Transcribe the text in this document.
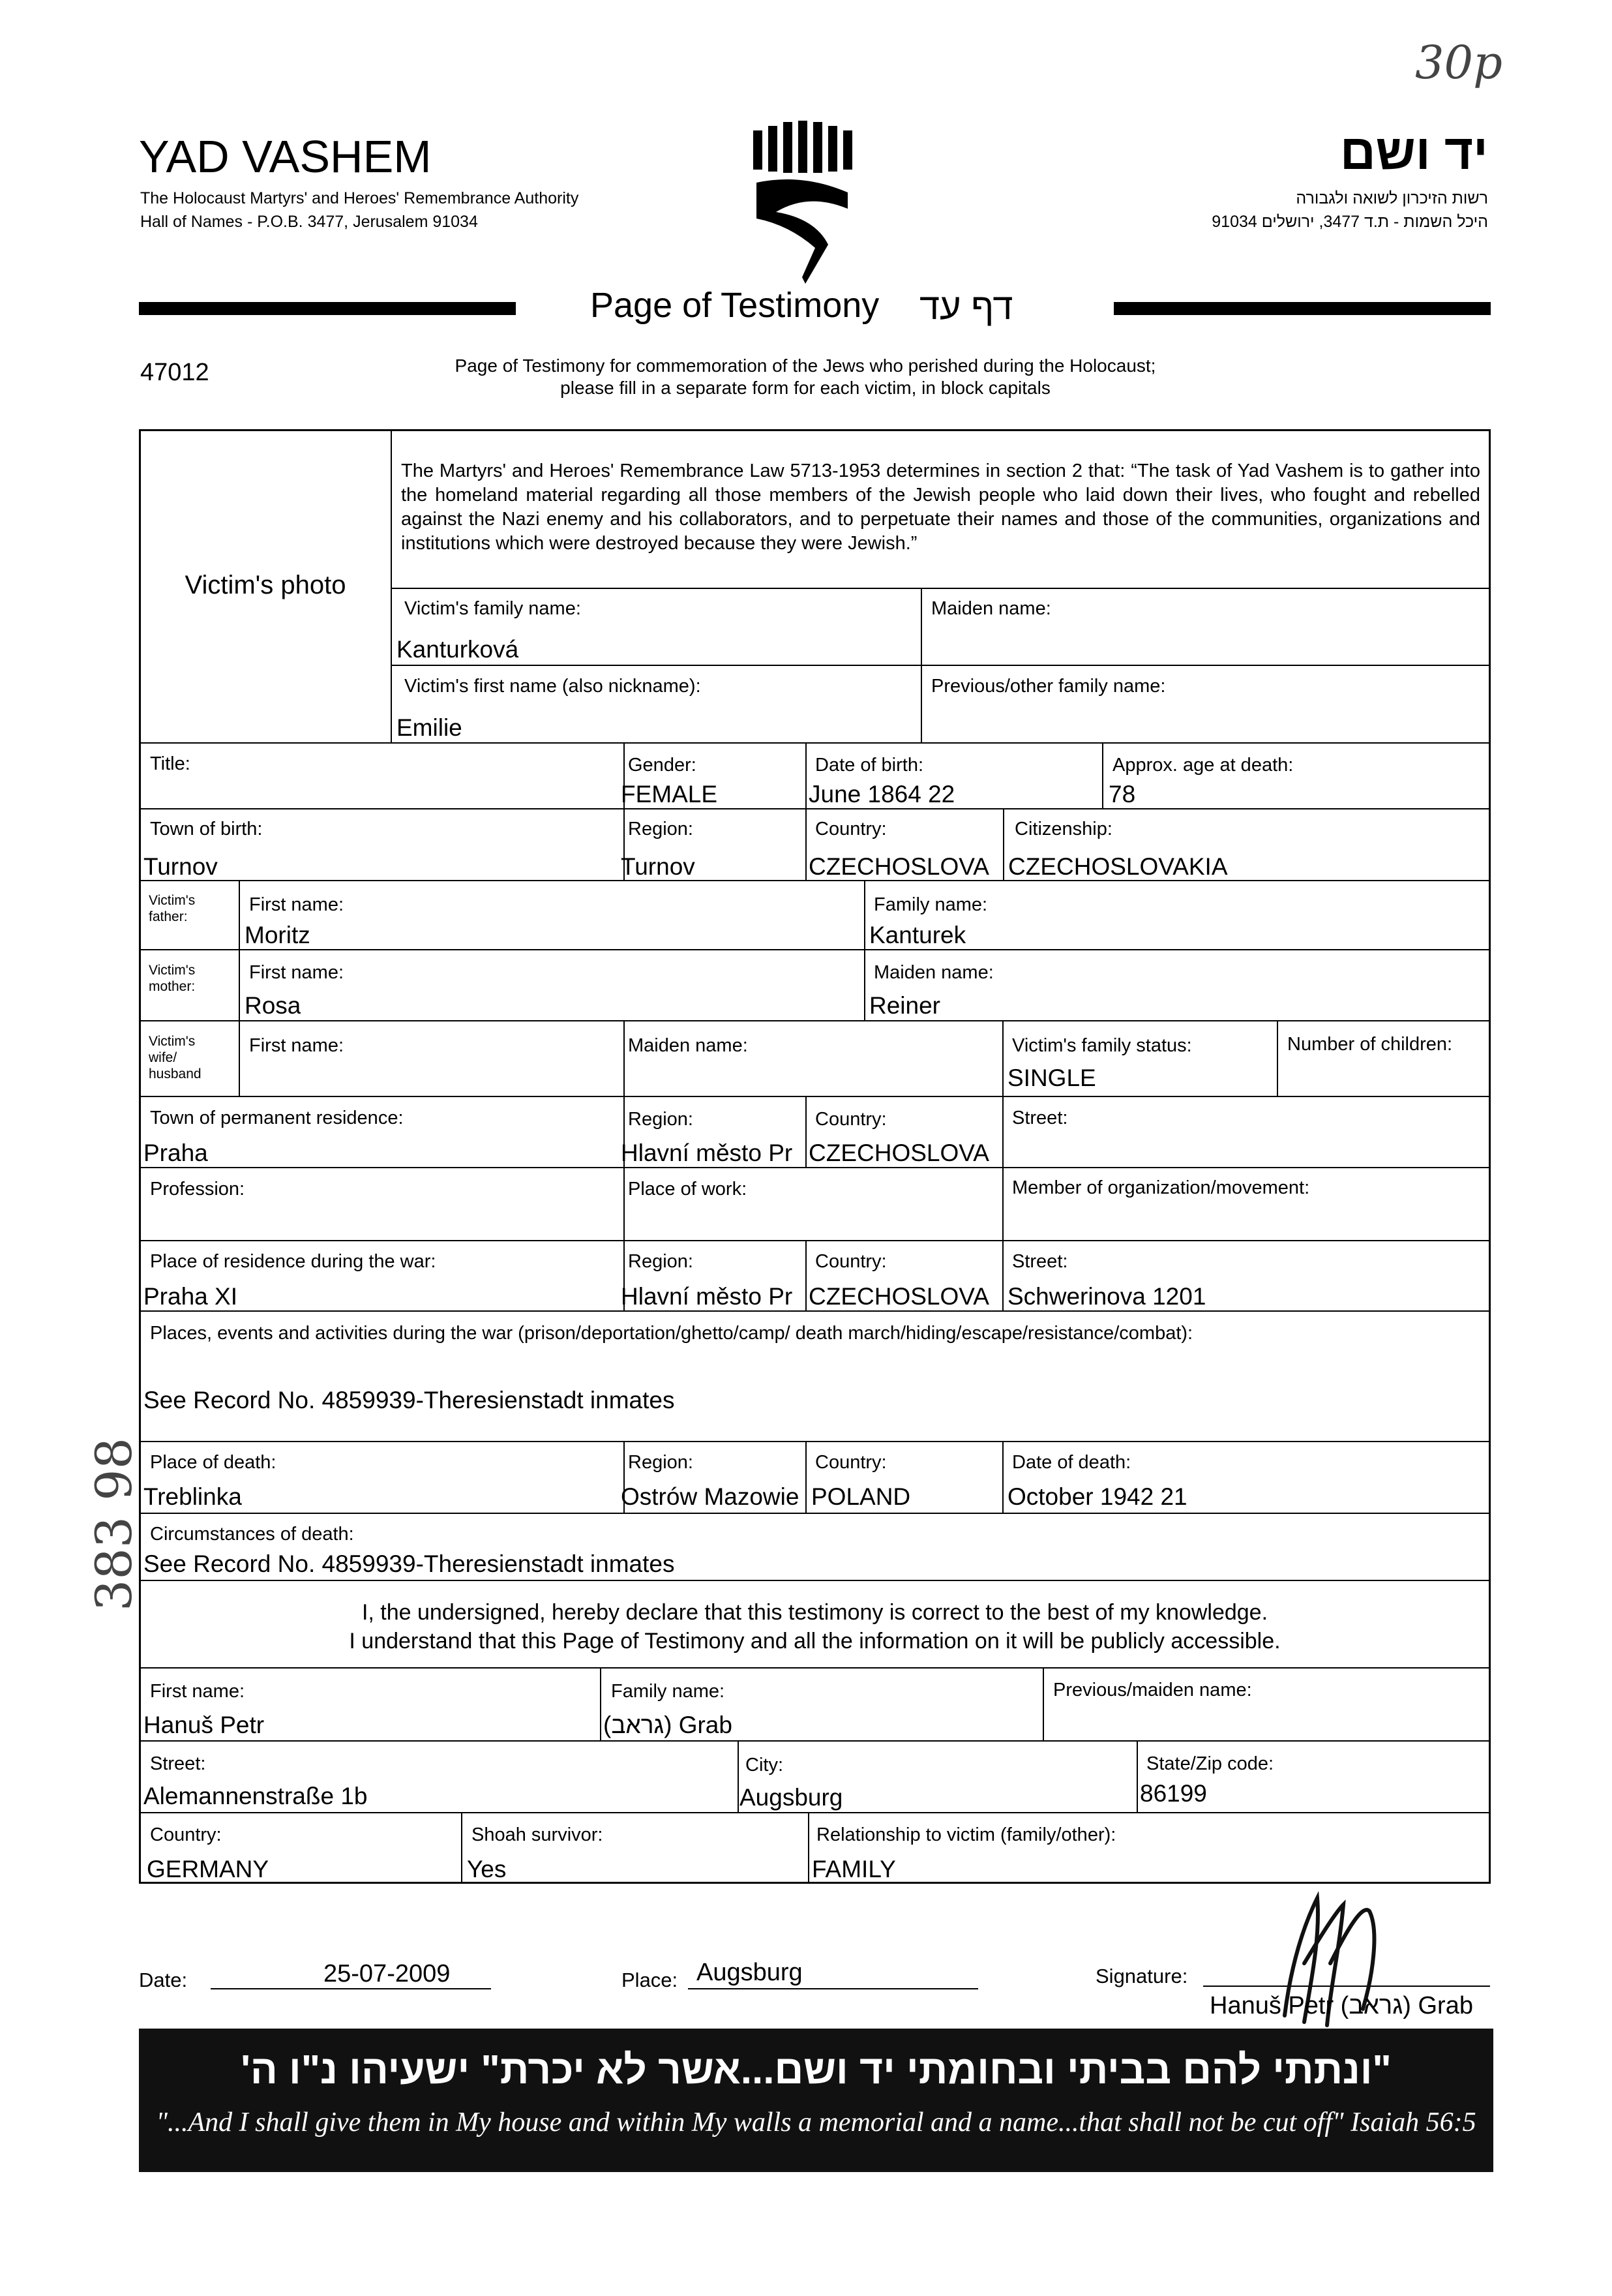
30p
YAD VASHEM
The Holocaust Martyrs' and Heroes' Remembrance Authority
Hall of Names - P.O.B. 3477, Jerusalem 91034
יד ושם
רשות הזיכרון לשואה ולגבורה
היכל השמות - ת.ד 3477, ירושלים 91034
Page of Testimony דף עד
47012	Page of Testimony for commemoration of the Jews who perished during the Holocaust;
please fill in a separate form for each victim, in block capitals
Victim's photo
The Martyrs' and Heroes' Remembrance Law 5713-1953 determines in section 2 that: “The task of Yad Vashem is to gather into the homeland material regarding all those members of the Jewish people who laid down their lives, who fought and rebelled against the Nazi enemy and his collaborators, and to perpetuate their names and those of the communities, organizations and institutions which were destroyed because they were Jewish.”
Victim's family name:
Kanturková
Maiden name:
Victim's first name (also nickname):
Emilie
Previous/other family name:
Title:	Gender:
FEMALE
Date of birth:
June 1864 22
Approx. age at death:
78
Town of birth:
Turnov
Region:
Turnov
Country:
CZECHOSLOVA
Citizenship:
CZECHOSLOVAKIA
Victim's father:
First name:
Moritz
Family name:
Kanturek
Victim's mother:
First name:
Rosa
Maiden name:
Reiner
Victim's wife/ husband
First name:	Maiden name:	Victim's family status:
SINGLE
Number of children:
Town of permanent residence:
Praha
Region:
Hlavní město Pr
Country:
CZECHOSLOVA
Street:
Profession:	Place of work:	Member of organization/movement:
Place of residence during the war:
Praha XI
Region:
Hlavní město Pr
Country:
CZECHOSLOVA
Street:
Schwerinova 1201
Places, events and activities during the war (prison/deportation/ghetto/camp/ death march/hiding/escape/resistance/combat):
See Record No. 4859939-Theresienstadt inmates
Place of death:
Treblinka
Region:
Ostrów Mazowie
Country:
POLAND
Date of death:
October 1942 21
Circumstances of death:
See Record No. 4859939-Theresienstadt inmates
I, the undersigned, hereby declare that this testimony is correct to the best of my knowledge.
I understand that this Page of Testimony and all the information on it will be publicly accessible.
First name:
Hanuš Petr
Family name:
(גראב) Grab
Previous/maiden name:
Street:
Alemannenstraße 1b
City:
Augsburg
State/Zip code:
86199
Country:
GERMANY
Shoah survivor:
Yes
Relationship to victim (family/other):
FAMILY
Date:	25-07-2009	Place: Augsburg	Signature:
Hanuš Petr (גראב) Grab
383 98
"ונתתי להם בביתי ובחומתי יד ושם...אשר לא יכרת" ישעיהו נ"ו ה'
"...And I shall give them in My house and within My walls a memorial and a name...that shall not be cut off" Isaiah 56:5
